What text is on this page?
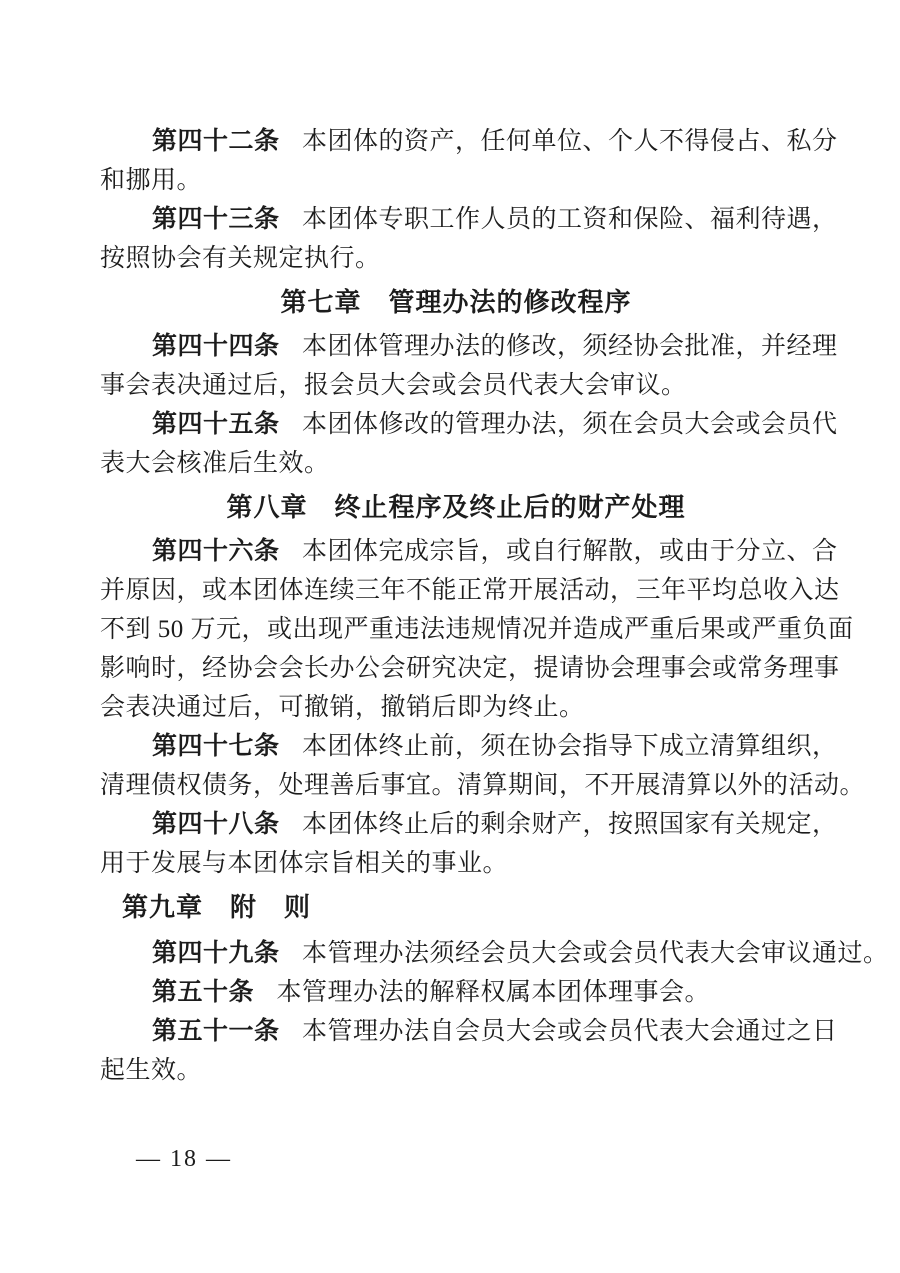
第四十二条 本团体的资产，任何单位、个人不得侵占、私分
和挪用。
第四十三条 本团体专职工作人员的工资和保险、福利待遇，
按照协会有关规定执行。
第七章　管理办法的修改程序
第四十四条 本团体管理办法的修改，须经协会批准，并经理
事会表决通过后，报会员大会或会员代表大会审议。
第四十五条 本团体修改的管理办法，须在会员大会或会员代
表大会核准后生效。
第八章　终止程序及终止后的财产处理
第四十六条 本团体完成宗旨，或自行解散，或由于分立、合
并原因，或本团体连续三年不能正常开展活动，三年平均总收入达
不到 50 万元，或出现严重违法违规情况并造成严重后果或严重负面
影响时，经协会会长办公会研究决定，提请协会理事会或常务理事
会表决通过后，可撤销，撤销后即为终止。
第四十七条 本团体终止前，须在协会指导下成立清算组织，
清理债权债务，处理善后事宜。清算期间，不开展清算以外的活动。
第四十八条 本团体终止后的剩余财产，按照国家有关规定，
用于发展与本团体宗旨相关的事业。
第九章　附　则
第四十九条 本管理办法须经会员大会或会员代表大会审议通过。
第五十条 本管理办法的解释权属本团体理事会。
第五十一条 本管理办法自会员大会或会员代表大会通过之日
起生效。
— 18 —
